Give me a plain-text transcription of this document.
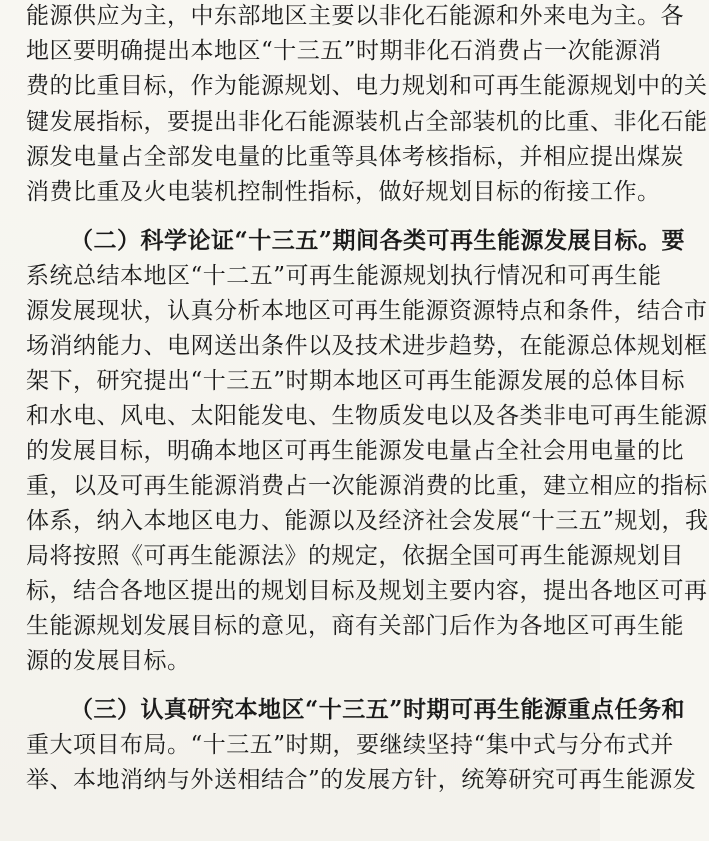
能源供应为主，中东部地区主要以非化石能源和外来电为主。各
地区要明确提出本地区“十三五”时期非化石消费占一次能源消
费的比重目标，作为能源规划、电力规划和可再生能源规划中的关
键发展指标，要提出非化石能源装机占全部装机的比重、非化石能
源发电量占全部发电量的比重等具体考核指标，并相应提出煤炭
消费比重及火电装机控制性指标，做好规划目标的衔接工作。
（二）科学论证“十三五”期间各类可再生能源发展目标。要
系统总结本地区“十二五”可再生能源规划执行情况和可再生能
源发展现状，认真分析本地区可再生能源资源特点和条件，结合市
场消纳能力、电网送出条件以及技术进步趋势，在能源总体规划框
架下，研究提出“十三五”时期本地区可再生能源发展的总体目标
和水电、风电、太阳能发电、生物质发电以及各类非电可再生能源
的发展目标，明确本地区可再生能源发电量占全社会用电量的比
重，以及可再生能源消费占一次能源消费的比重，建立相应的指标
体系，纳入本地区电力、能源以及经济社会发展“十三五”规划，我
局将按照《可再生能源法》的规定，依据全国可再生能源规划目
标，结合各地区提出的规划目标及规划主要内容，提出各地区可再
生能源规划发展目标的意见，商有关部门后作为各地区可再生能
源的发展目标。
（三）认真研究本地区“十三五”时期可再生能源重点任务和
重大项目布局。“十三五”时期，要继续坚持“集中式与分布式并
举、本地消纳与外送相结合”的发展方针，统筹研究可再生能源发
